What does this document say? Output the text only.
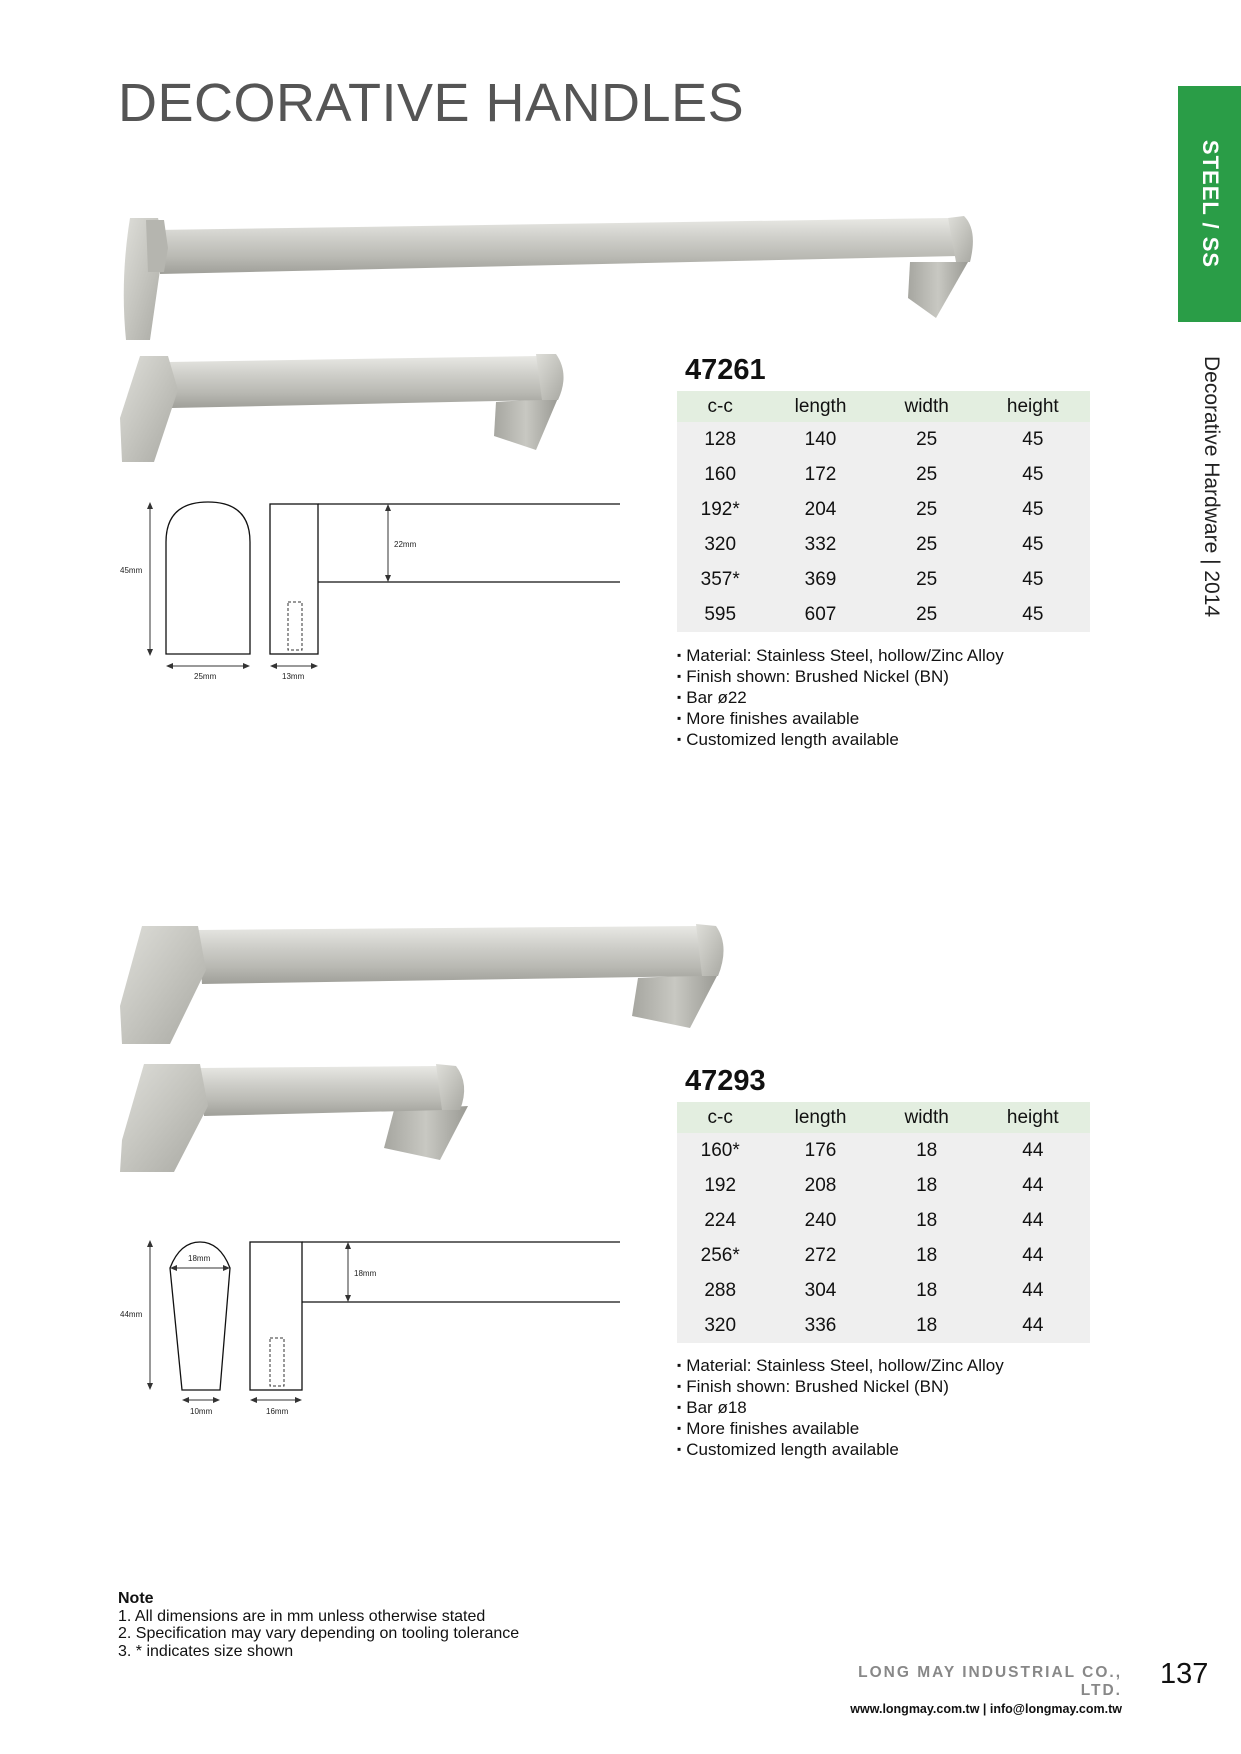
DECORATIVE HANDLES
STEEL / SS
Decorative Hardware | 2014
45mm
22mm
25mm	13mm
47261
c-c	length	width	height
128	140	25	45
160	172	25	45
192*	204	25	45
320	332	25	45
357*	369	25	45
595	607	25	45
▪ Material: Stainless Steel, hollow/Zinc Alloy
▪ Finish shown: Brushed Nickel (BN)
▪ Bar ø22
▪ More finishes available
▪ Customized length available
44mm
18mm
18mm
10mm	16mm
47293
c-c	length	width	height
160*	176	18	44
192	208	18	44
224	240	18	44
256*	272	18	44
288	304	18	44
320	336	18	44
▪ Material: Stainless Steel, hollow/Zinc Alloy
▪ Finish shown: Brushed Nickel (BN)
▪ Bar ø18
▪ More finishes available
▪ Customized length available
Note
1. All dimensions are in mm unless otherwise stated
2. Specification may vary depending on tooling tolerance
3. * indicates size shown
LONG MAY INDUSTRIAL CO., LTD.
www.longmay.com.tw | info@longmay.com.tw
137
